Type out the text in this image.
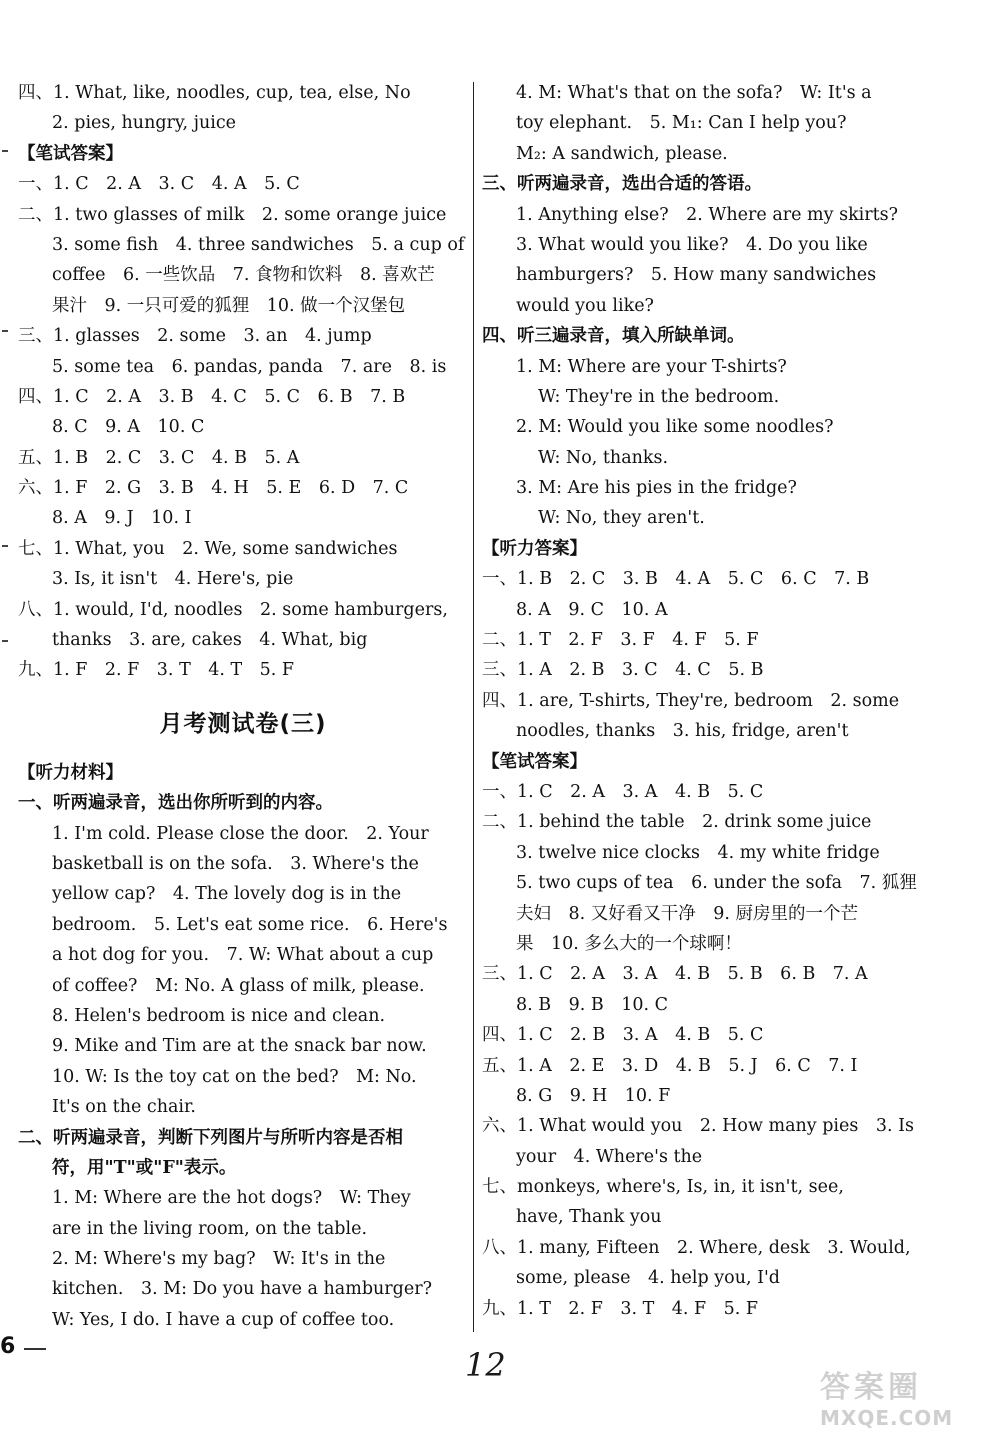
四、1. What, like, noodles, cup, tea, else, No
2. pies, hungry, juice
【笔试答案】
一、1. C　2. A　3. C　4. A　5. C
二、1. two glasses of milk　2. some orange juice
3. some fish　4. three sandwiches　5. a cup of
coffee　6. 一些饮品　7. 食物和饮料　8. 喜欢芒
果汁　9. 一只可爱的狐狸　10. 做一个汉堡包
三、1. glasses　2. some　3. an　4. jump
5. some tea　6. pandas, panda　7. are　8. is
四、1. C　2. A　3. B　4. C　5. C　6. B　7. B
8. C　9. A　10. C
五、1. B　2. C　3. C　4. B　5. A
六、1. F　2. G　3. B　4. H　5. E　6. D　7. C
8. A　9. J　10. I
七、1. What, you　2. We, some sandwiches
3. Is, it isn't　4. Here's, pie
八、1. would, I'd, noodles　2. some hamburgers,
thanks　3. are, cakes　4. What, big
九、1. F　2. F　3. T　4. T　5. F
月考测试卷(三)
【听力材料】
一、听两遍录音，选出你所听到的内容。
1. I'm cold. Please close the door.　2. Your
basketball is on the sofa.　3. Where's the
yellow cap?　4. The lovely dog is in the
bedroom.　5. Let's eat some rice.　6. Here's
a hot dog for you.　7. W: What about a cup
of coffee?　M: No. A glass of milk, please.
8. Helen's bedroom is nice and clean.
9. Mike and Tim are at the snack bar now.
10. W: Is the toy cat on the bed?　M: No.
It's on the chair.
二、听两遍录音，判断下列图片与所听内容是否相
符，用"T"或"F"表示。
1. M: Where are the hot dogs?　W: They
are in the living room, on the table.
2. M: Where's my bag?　W: It's in the
kitchen.　3. M: Do you have a hamburger?
W: Yes, I do. I have a cup of coffee too.
4. M: What's that on the sofa?　W: It's a
toy elephant.　5. M₁: Can I help you?
M₂: A sandwich, please.
三、听两遍录音，选出合适的答语。
1. Anything else?　2. Where are my skirts?
3. What would you like?　4. Do you like
hamburgers?　5. How many sandwiches
would you like?
四、听三遍录音，填入所缺单词。
1. M: Where are your T-shirts?
W: They're in the bedroom.
2. M: Would you like some noodles?
W: No, thanks.
3. M: Are his pies in the fridge?
W: No, they aren't.
【听力答案】
一、1. B　2. C　3. B　4. A　5. C　6. C　7. B
8. A　9. C　10. A
二、1. T　2. F　3. F　4. F　5. F
三、1. A　2. B　3. C　4. C　5. B
四、1. are, T-shirts, They're, bedroom　2. some
noodles, thanks　3. his, fridge, aren't
【笔试答案】
一、1. C　2. A　3. A　4. B　5. C
二、1. behind the table　2. drink some juice
3. twelve nice clocks　4. my white fridge
5. two cups of tea　6. under the sofa　7. 狐狸
夫妇　8. 又好看又干净　9. 厨房里的一个芒
果　10. 多么大的一个球啊！
三、1. C　2. A　3. A　4. B　5. B　6. B　7. A
8. B　9. B　10. C
四、1. C　2. B　3. A　4. B　5. C
五、1. A　2. E　3. D　4. B　5. J　6. C　7. I
8. G　9. H　10. F
六、1. What would you　2. How many pies　3. Is
your　4. Where's the
七、monkeys, where's, Is, in, it isn't, see,
have, Thank you
八、1. many, Fifteen　2. Where, desk　3. Would,
some, please　4. help you, I'd
九、1. T　2. F　3. T　4. F　5. F
6	12
答案圈
MXQE.COM
